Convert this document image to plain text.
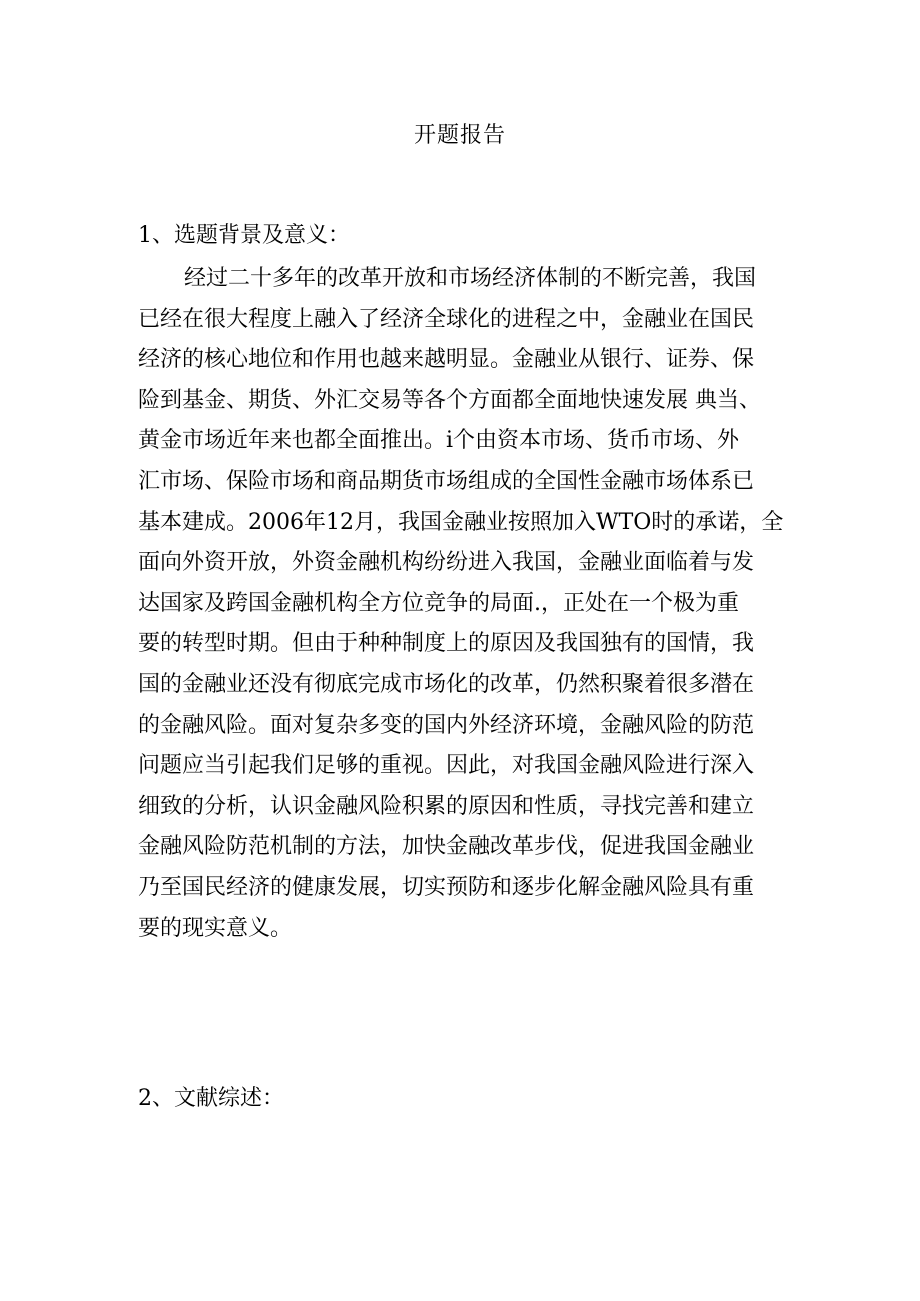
开题报告
1、选题背景及意义：
经过二十多年的改革开放和市场经济体制的不断完善，我国
已经在很大程度上融入了经济全球化的进程之中，金融业在国民
经济的核心地位和作用也越来越明显。金融业从银行、证券、保
险到基金、期货、外汇交易等各个方面都全面地快速发展 典当、
黄金市场近年来也都全面推出。i个由资本市场、货币市场、外
汇市场、保险市场和商品期货市场组成的全国性金融市场体系已
基本建成。2006年12月，我国金融业按照加入WTO时的承诺，全
面向外资开放，外资金融机构纷纷进入我国，金融业面临着与发
达国家及跨国金融机构全方位竞争的局面.，正处在一个极为重
要的转型时期。但由于种种制度上的原因及我国独有的国情，我
国的金融业还没有彻底完成市场化的改革，仍然积聚着很多潜在
的金融风险。面对复杂多变的国内外经济环境，金融风险的防范
问题应当引起我们足够的重视。因此，对我国金融风险进行深入
细致的分析，认识金融风险积累的原因和性质，寻找完善和建立
金融风险防范机制的方法，加快金融改革步伐，促进我国金融业
乃至国民经济的健康发展，切实预防和逐步化解金融风险具有重
要的现实意义。
2、文献综述：
